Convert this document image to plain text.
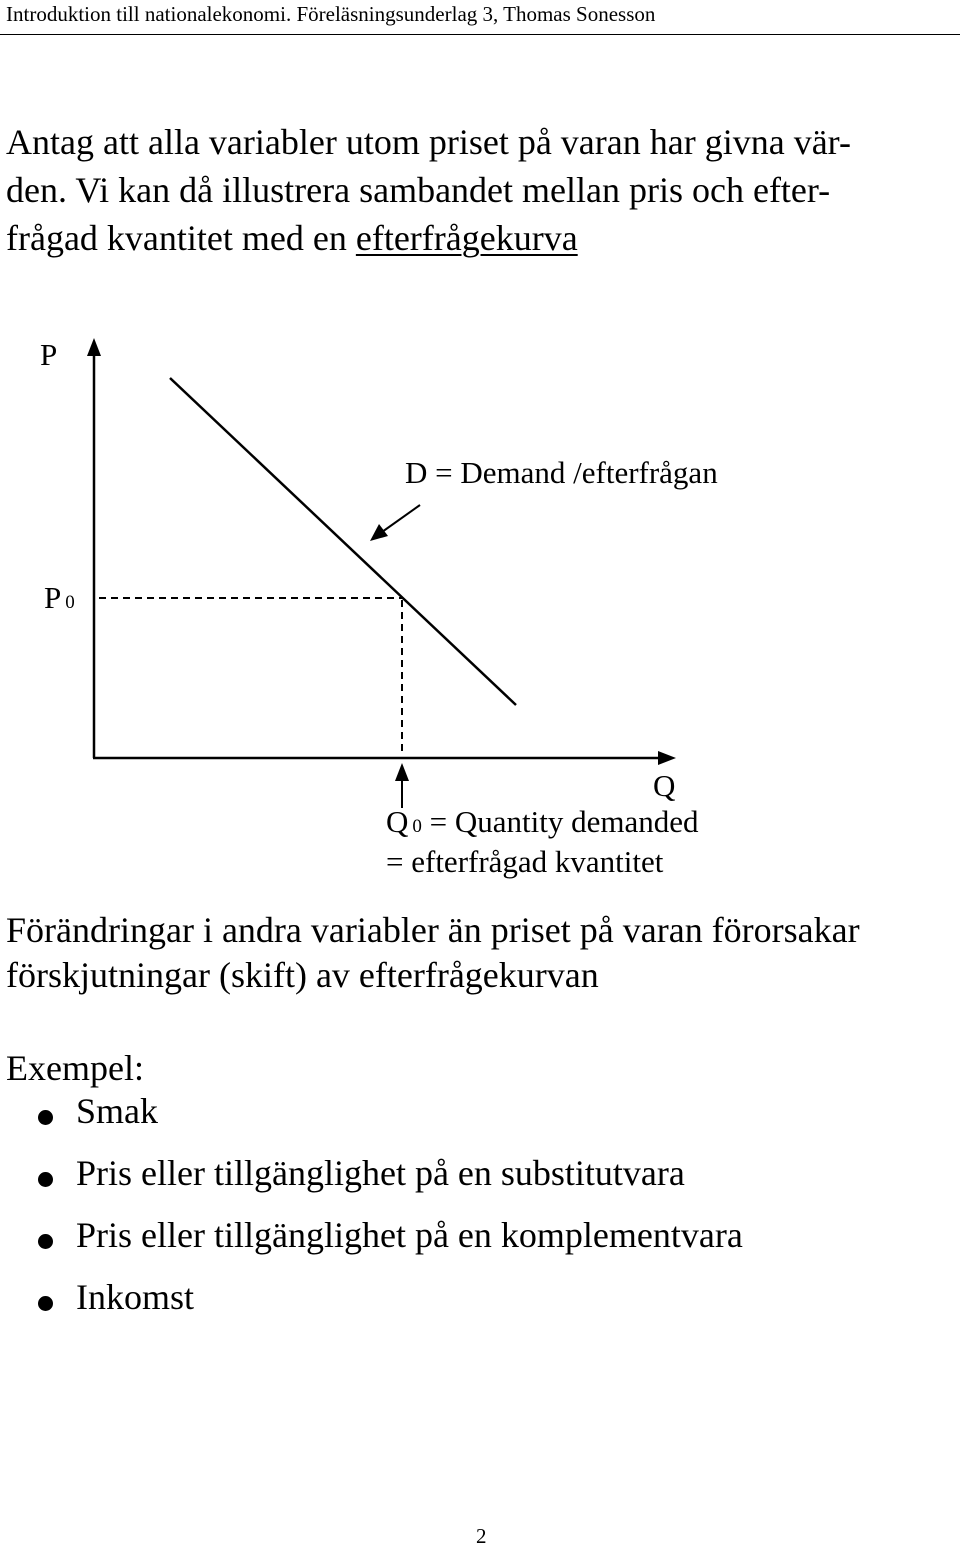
Introduktion till nationalekonomi. Föreläsningsunderlag 3, Thomas Sonesson
Antag att alla variabler utom priset på varan har givna vär-
den. Vi kan då illustrera sambandet mellan pris och efter-
frågad kvantitet med en efterfrågekurva
P
P 0
D = Demand /efterfrågan
Q
Q 0 = Quantity demanded
= efterfrågad kvantitet
Förändringar i andra variabler än priset på varan förorsakar
förskjutningar (skift) av efterfrågekurvan
Exempel:
Smak
Pris eller tillgänglighet på en substitutvara
Pris eller tillgänglighet på en komplementvara
Inkomst
2
